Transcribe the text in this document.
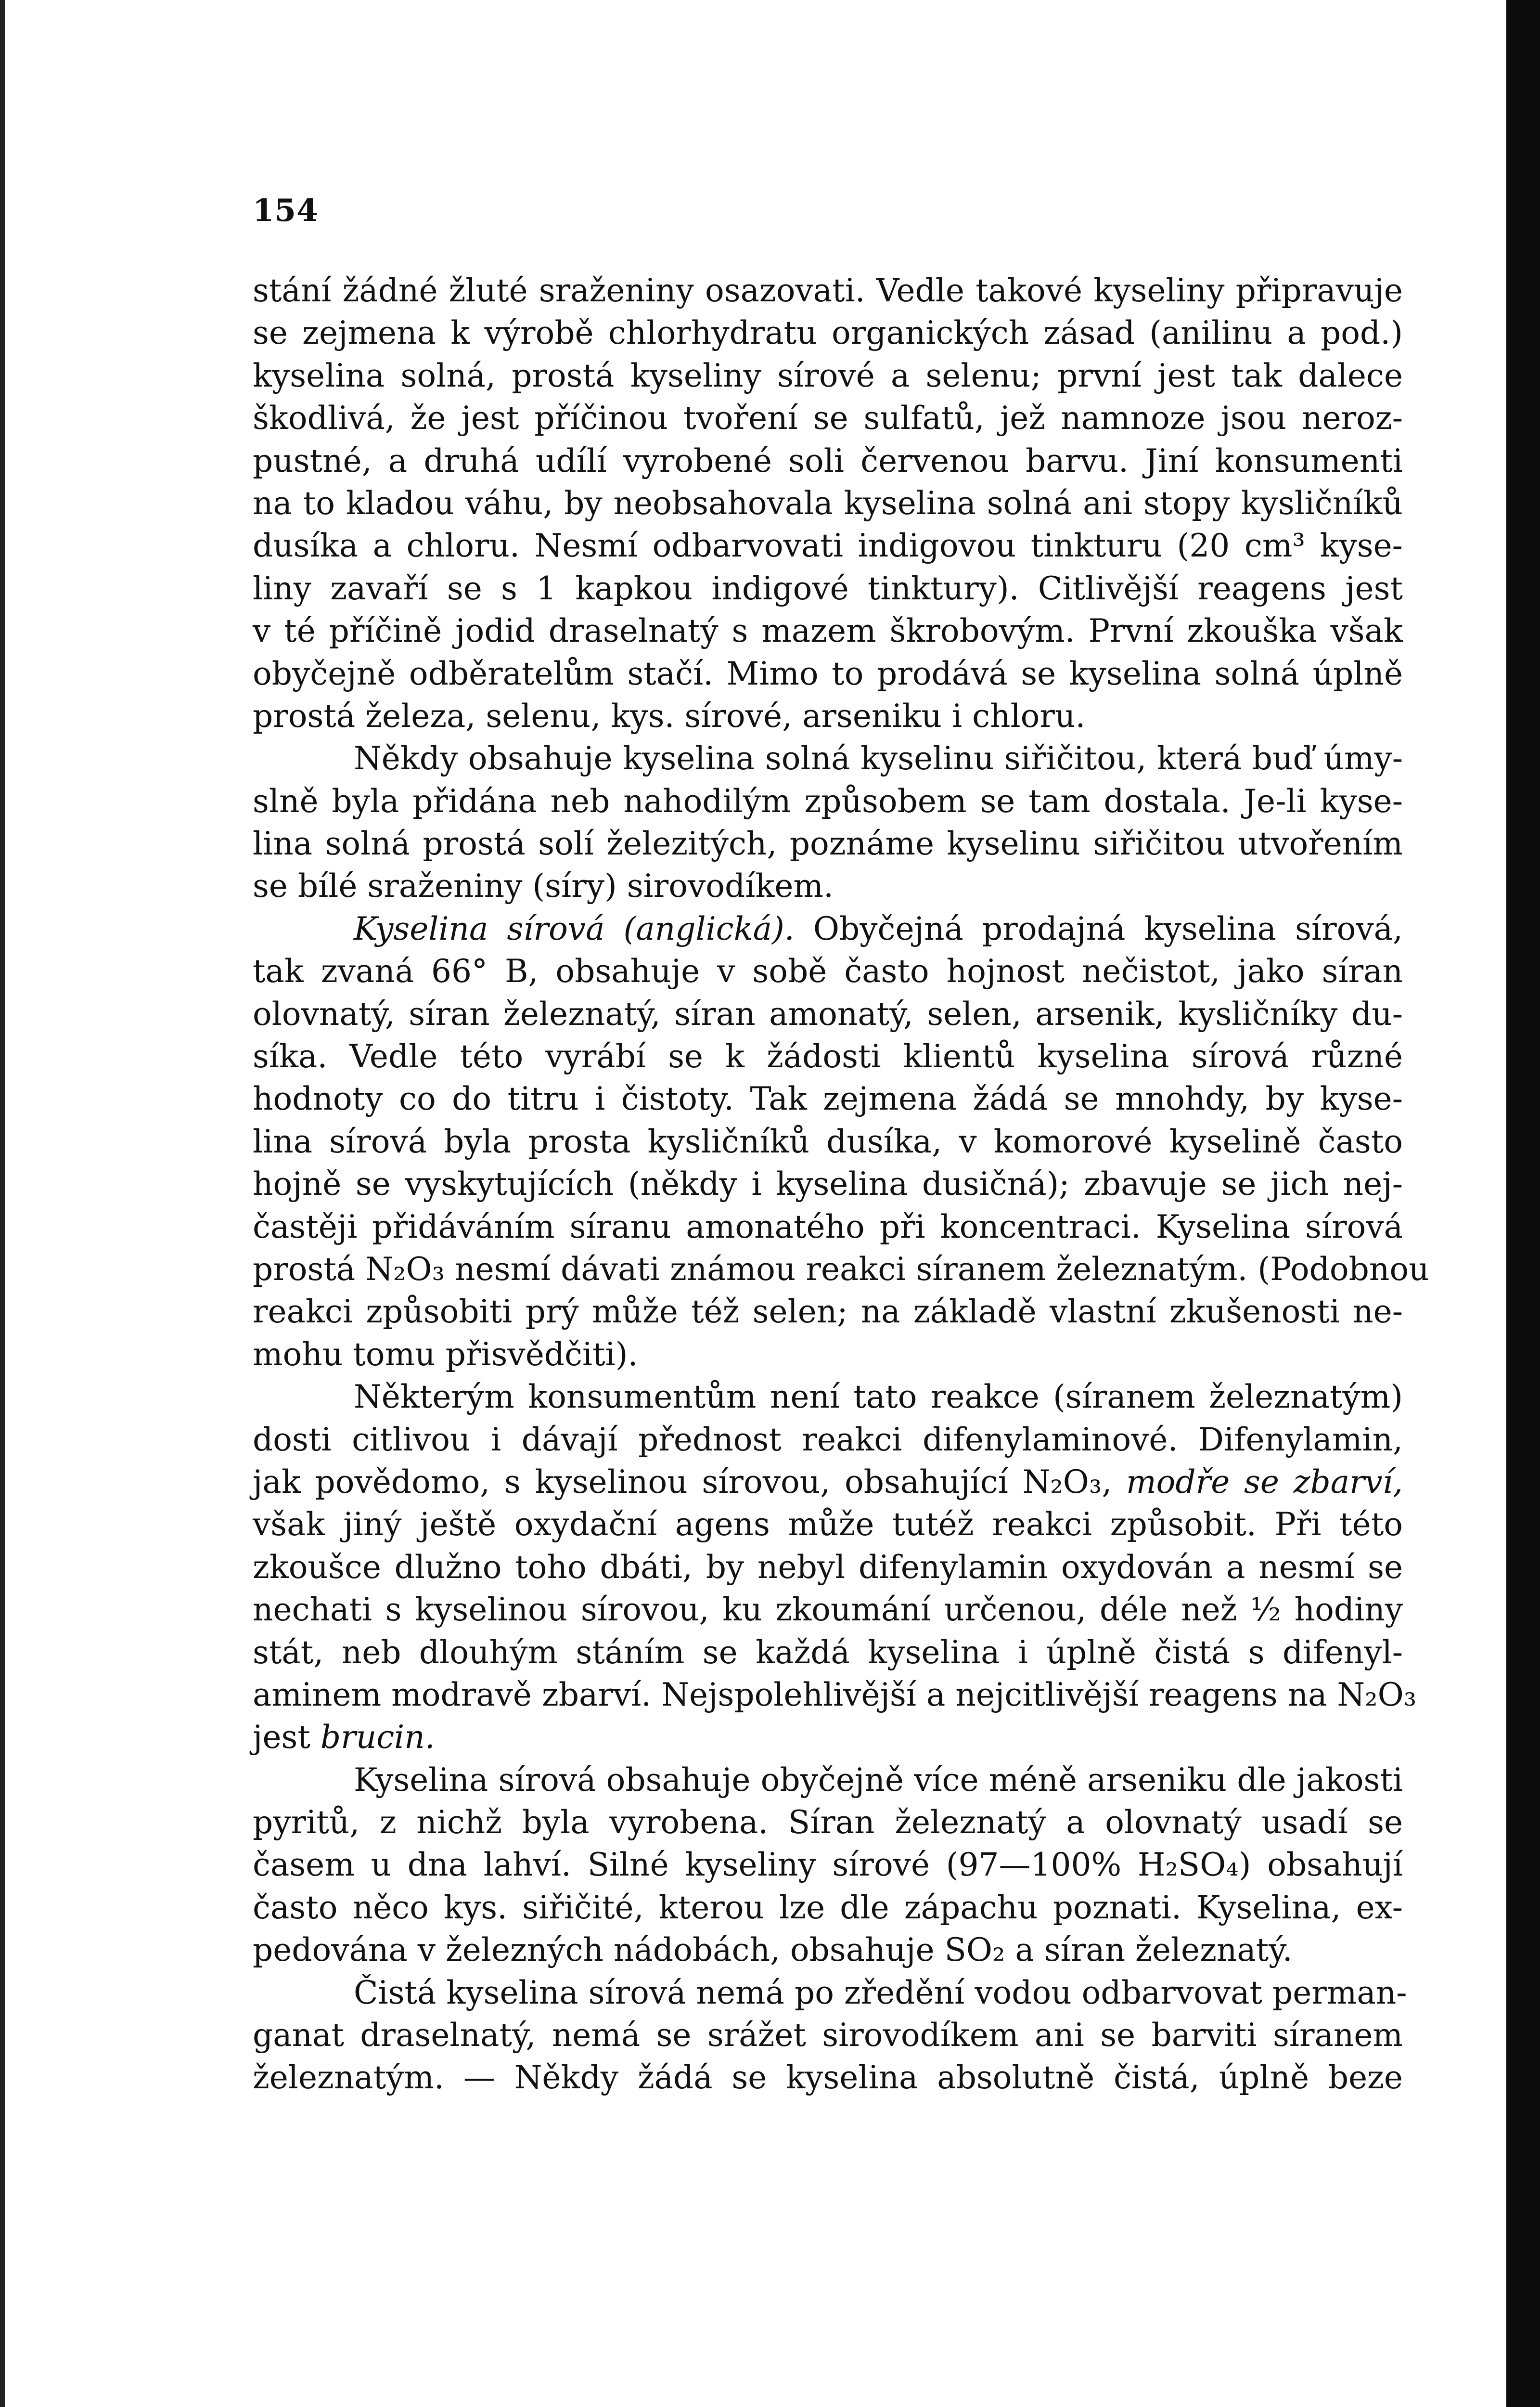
154
stání žádné žluté sraženiny osazovati. Vedle takové kyseliny připravuje
se zejmena k výrobě chlorhydratu organických zásad (anilinu a pod.)
kyselina solná, prostá kyseliny sírové a selenu; první jest tak dalece
škodlivá, že jest příčinou tvoření se sulfatů, jež namnoze jsou neroz-
pustné, a druhá udílí vyrobené soli červenou barvu. Jiní konsumenti
na to kladou váhu, by neobsahovala kyselina solná ani stopy kysličníků
dusíka a chloru. Nesmí odbarvovati indigovou tinkturu (20 cm³ kyse-
liny zavaří se s 1 kapkou indigové tinktury). Citlivější reagens jest
v té příčině jodid draselnatý s mazem škrobovým. První zkouška však
obyčejně odběratelům stačí. Mimo to prodává se kyselina solná úplně
prostá železa, selenu, kys. sírové, arseniku i chloru.
Někdy obsahuje kyselina solná kyselinu siřičitou, která buď úmy-
slně byla přidána neb nahodilým způsobem se tam dostala. Je-li kyse-
lina solná prostá solí železitých, poznáme kyselinu siřičitou utvořením
se bílé sraženiny (síry) sirovodíkem.
Kyselina sírová (anglická). Obyčejná prodajná kyselina sírová,
tak zvaná 66° B, obsahuje v sobě často hojnost nečistot, jako síran
olovnatý, síran železnatý, síran amonatý, selen, arsenik, kysličníky du-
síka. Vedle této vyrábí se k žádosti klientů kyselina sírová různé
hodnoty co do titru i čistoty. Tak zejmena žádá se mnohdy, by kyse-
lina sírová byla prosta kysličníků dusíka, v komorové kyselině často
hojně se vyskytujících (někdy i kyselina dusičná); zbavuje se jich nej-
častěji přidáváním síranu amonatého při koncentraci. Kyselina sírová
prostá N₂O₃ nesmí dávati známou reakci síranem železnatým. (Podobnou
reakci způsobiti prý může též selen; na základě vlastní zkušenosti ne-
mohu tomu přisvědčiti).
Některým konsumentům není tato reakce (síranem železnatým)
dosti citlivou i dávají přednost reakci difenylaminové. Difenylamin,
jak povědomo, s kyselinou sírovou, obsahující N₂O₃, modře se zbarví,
však jiný ještě oxydační agens může tutéž reakci způsobit. Při této
zkoušce dlužno toho dbáti, by nebyl difenylamin oxydován a nesmí se
nechati s kyselinou sírovou, ku zkoumání určenou, déle než ½ hodiny
stát, neb dlouhým stáním se každá kyselina i úplně čistá s difenyl-
aminem modravě zbarví. Nejspolehlivější a nejcitlivější reagens na N₂O₃
jest brucin.
Kyselina sírová obsahuje obyčejně více méně arseniku dle jakosti
pyritů, z nichž byla vyrobena. Síran železnatý a olovnatý usadí se
časem u dna lahví. Silné kyseliny sírové (97—100% H₂SO₄) obsahují
často něco kys. siřičité, kterou lze dle zápachu poznati. Kyselina, ex-
pedována v železných nádobách, obsahuje SO₂ a síran železnatý.
Čistá kyselina sírová nemá po zředění vodou odbarvovat perman-
ganat draselnatý, nemá se srážet sirovodíkem ani se barviti síranem
železnatým. — Někdy žádá se kyselina absolutně čistá, úplně beze
